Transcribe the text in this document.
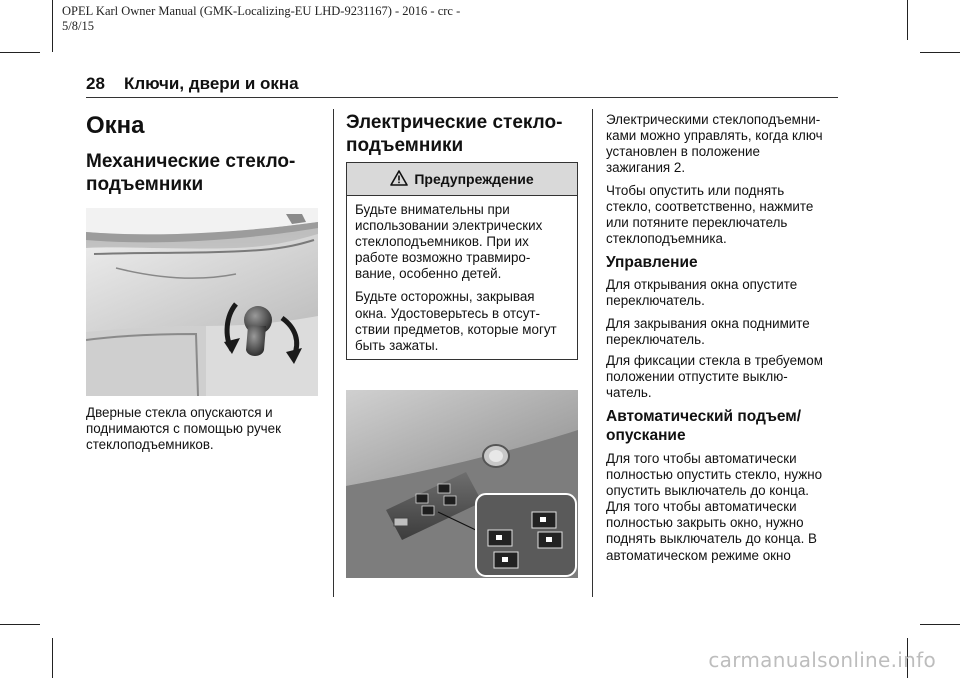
OPEL Karl Owner Manual (GMK-Localizing-EU LHD-9231167) - 2016 - crc -
5/8/15
28 Ключи, двери и окна
Окна
Механические стекло-
подъемники
Дверные стекла опускаются и
поднимаются с помощью ручек
стеклоподъемников.
Электрические стекло-
подъемники
Предупреждение

Будьте внимательны при
использовании электрических
стеклоподъемников. При их
работе возможно травмиро-
вание, особенно детей.

Будьте осторожны, закрывая
окна. Удостоверьтесь в отсут-
ствии предметов, которые могут
быть зажаты.

Электрическими стеклоподъемни-
ками можно управлять, когда ключ
установлен в положение
зажигания 2.
Чтобы опустить или поднять
стекло, соответственно, нажмите
или потяните переключатель
стеклоподъемника.
Управление
Для открывания окна опустите
переключатель.
Для закрывания окна поднимите
переключатель.
Для фиксации стекла в требуемом
положении отпустите выклю-
чатель.
Автоматический подъем/
опускание
Для того чтобы автоматически
полностью опустить стекло, нужно
опустить выключатель до конца.
Для того чтобы автоматически
полностью закрыть окно, нужно
поднять выключатель до конца. В
автоматическом режиме окно
carmanualsonline.info
